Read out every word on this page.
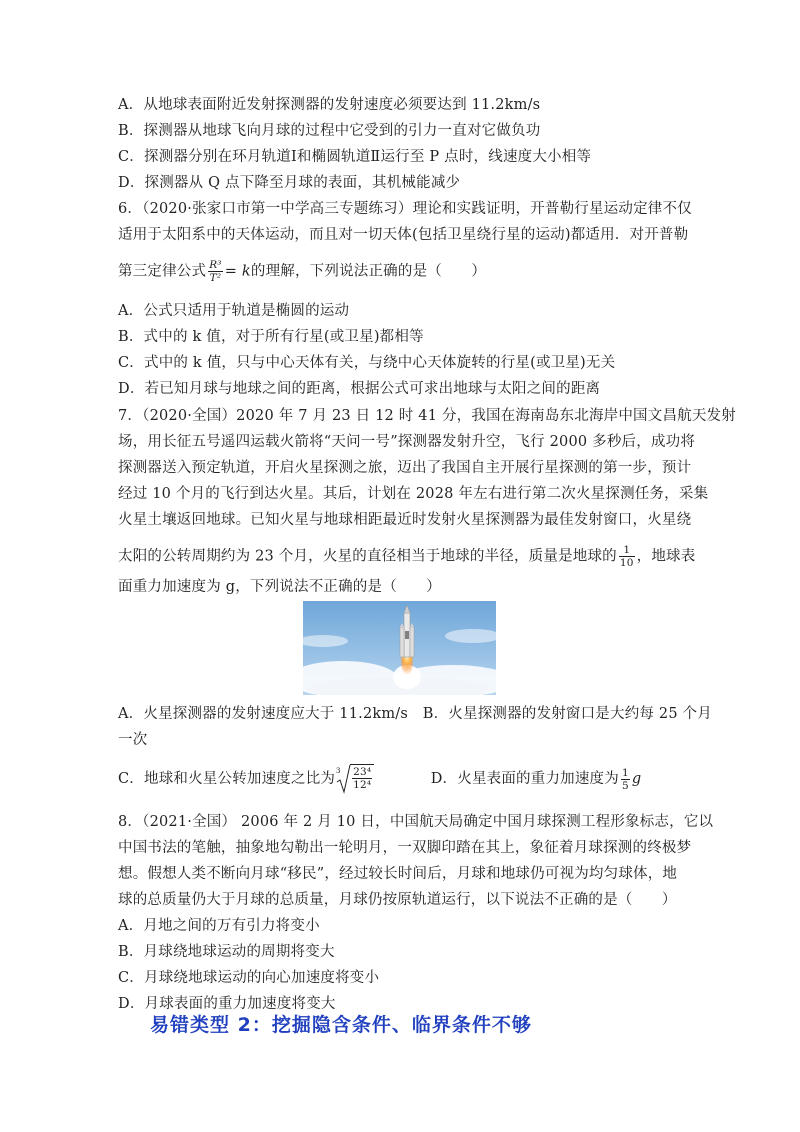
A．从地球表面附近发射探测器的发射速度必须要达到 11.2km/s
B．探测器从地球飞向月球的过程中它受到的引力一直对它做负功
C．探测器分别在环月轨道Ⅰ和椭圆轨道Ⅱ运行至 P 点时，线速度大小相等
D．探测器从 Q 点下降至月球的表面，其机械能减少
6．（2020·张家口市第一中学高三专题练习）理论和实践证明，开普勒行星运动定律不仅
适用于太阳系中的天体运动，而且对一切天体(包括卫星绕行星的运动)都适用．对开普勒
第三定律公式 $\frac{\text{R³}}{\text{T²}} = k$的理解，下列说法正确的是（　　）
A．公式只适用于轨道是椭圆的运动
B．式中的 k 值，对于所有行星(或卫星)都相等
C．式中的 k 值，只与中心天体有关，与绕中心天体旋转的行星(或卫星)无关
D．若已知月球与地球之间的距离，根据公式可求出地球与太阳之间的距离
7．（2020·全国）2020 年 7 月 23 日 12 时 41 分，我国在海南岛东北海岸中国文昌航天发射
场，用长征五号遥四运载火箭将“天问一号”探测器发射升空，飞行 2000 多秒后，成功将
探测器送入预定轨道，开启火星探测之旅，迈出了我国自主开展行星探测的第一步，预计
经过 10 个月的飞行到达火星。其后，计划在 2028 年左右进行第二次火星探测任务，采集
火星土壤返回地球。已知火星与地球相距最近时发射火星探测器为最佳发射窗口，火星绕
太阳的公转周期约为 23 个月，火星的直径相当于地球的半径，质量是地球的 $\frac{1}{10}$ ，地球表
面重力加速度为 g，下列说法不正确的是（　　）
A．火星探测器的发射速度应大于 11.2km/s　 B．火星探测器的发射窗口是大约每 25 个月
一次
C．地球和火星公转加速度之比为 $3 \frac{\text{23⁴}}{\text{12⁴}}$	D．火星表面的重力加速度为 $\frac{1}{5}$ g
8．（2021·全国） 2006 年 2 月 10 日，中国航天局确定中国月球探测工程形象标志，它以
中国书法的笔触，抽象地勾勒出一轮明月，一双脚印踏在其上，象征着月球探测的终极梦
想。假想人类不断向月球“移民”，经过较长时间后，月球和地球仍可视为均匀球体，地
球的总质量仍大于月球的总质量，月球仍按原轨道运行，以下说法不正确的是（　　）
A．月地之间的万有引力将变小
B．月球绕地球运动的周期将变大
C．月球绕地球运动的向心加速度将变小
D．月球表面的重力加速度将变大
易错类型 2：挖掘隐含条件、临界条件不够
